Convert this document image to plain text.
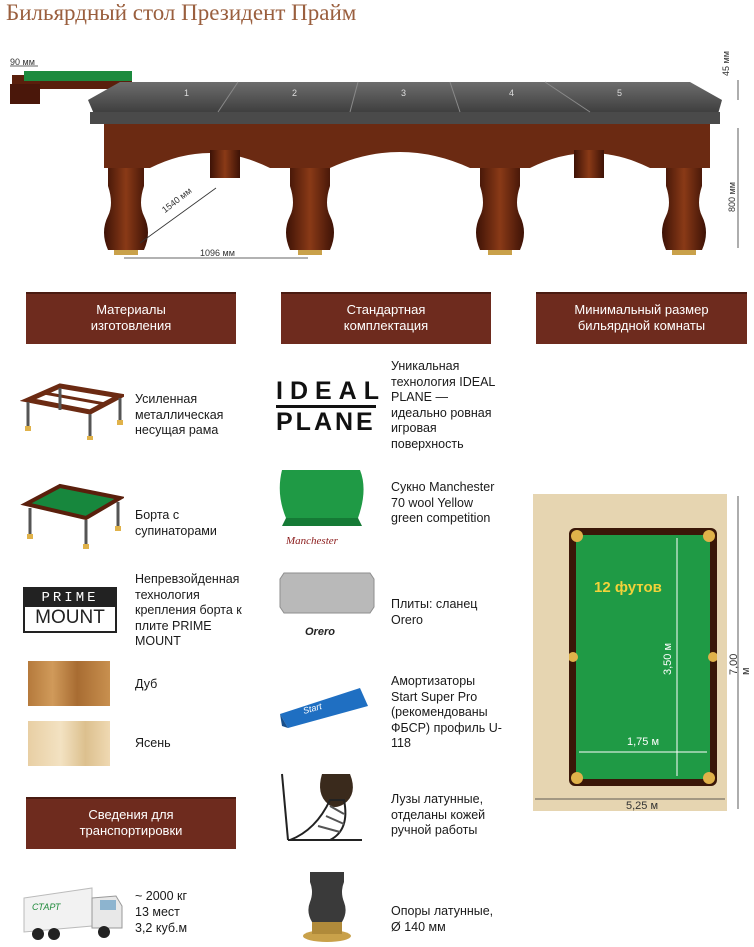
Бильярдный стол Президент Прайм
90 мм	45 мм
800 мм
1540 мм
1096 мм
1	2	3	4	5
Материалы изготовления
Стандартная комплектация
Минимальный размер бильярдной комнаты
Сведения для транспортировки
Усиленная металлическая несущая рама
Борта с супинаторами
PRIME
MOUNT
Непревзойденная технология крепления борта к плите PRIME MOUNT
Дуб
Ясень
СТАРТ
~ 2000 кг
13 мест
3,2 куб.м
IDEAL
PLANE
Уникальная технология IDEAL PLANE — идеально ровная игровая поверхность
Manchester
Сукно Manchester 70 wool Yellow green competition
Orero
Плиты: сланец Orero
Start
Амортизаторы Start Super Pro (рекомендованы ФБСР) профиль U-118
Лузы латунные, отделаны кожей ручной работы
Опоры латунные, Ø 140 мм
12 футов
3,50 м
1,75 м
7,00 м
5,25 м
